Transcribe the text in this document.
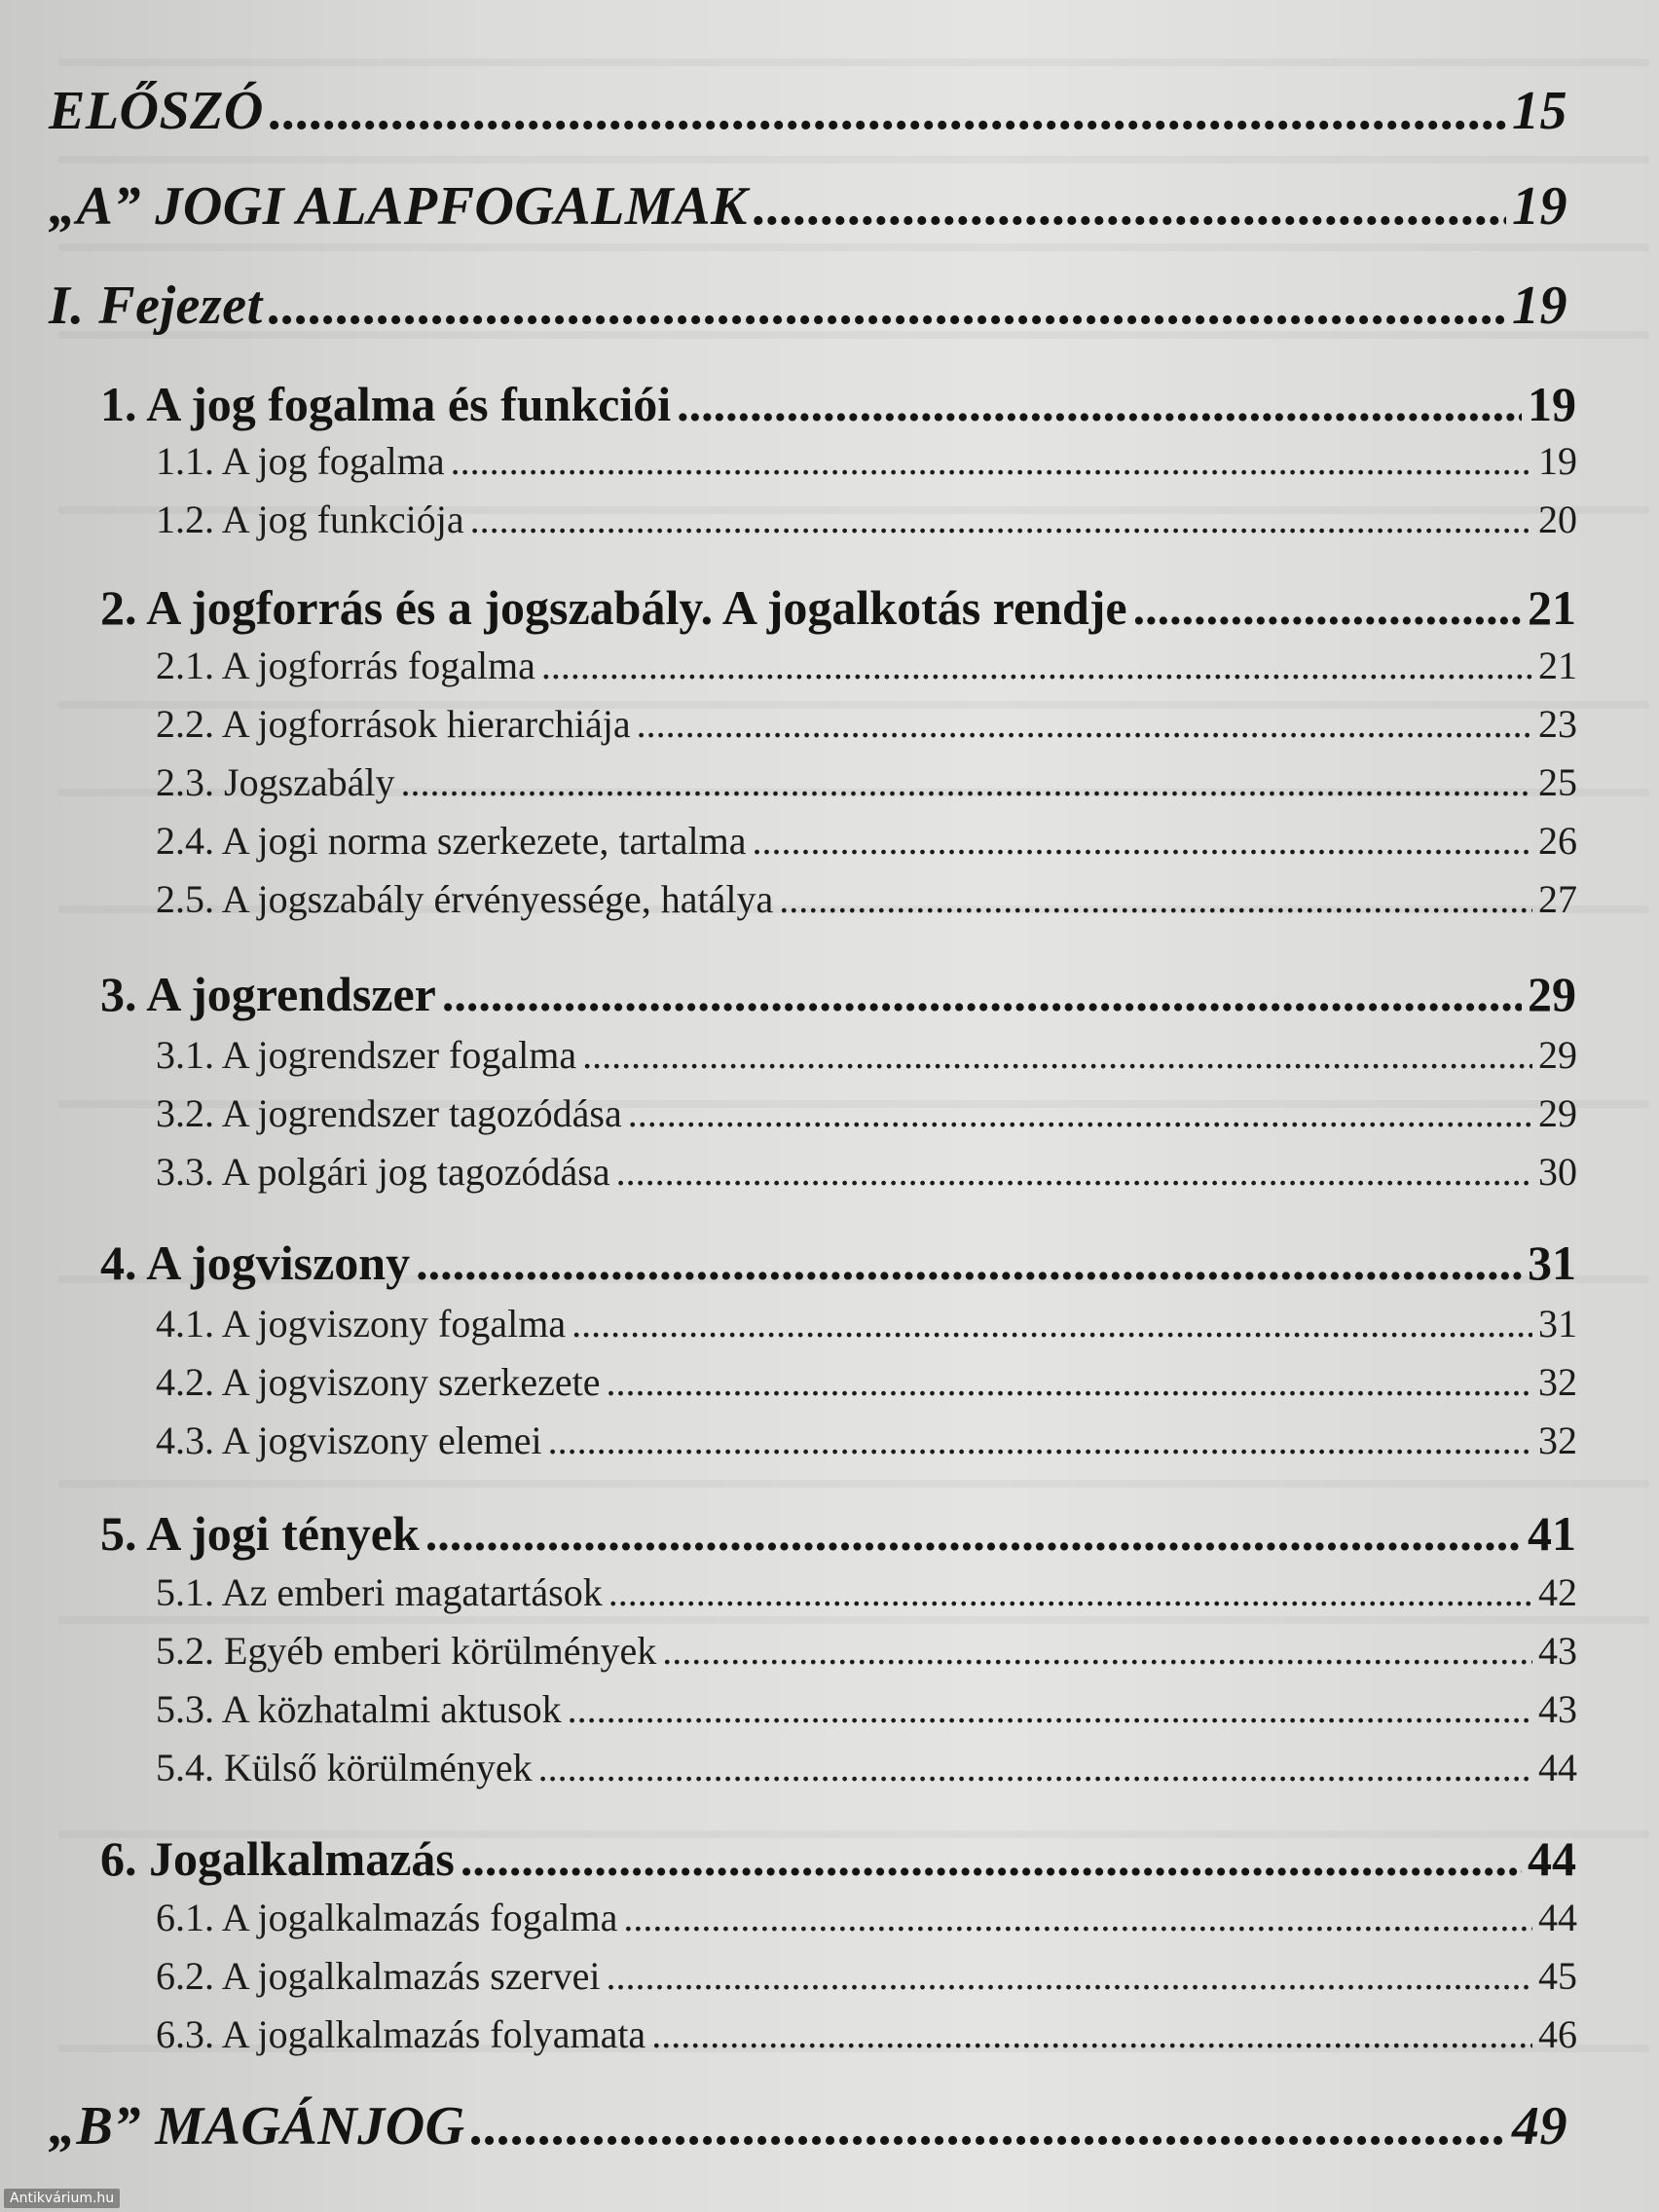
ELŐSZÓ .....	15
„A” JOGI ALAPFOGALMAK .....	19
I. Fejezet .....	19
1. A jog fogalma és funkciói .....	19
1.1. A jog fogalma .....	19
1.2. A jog funkciója .....	20
2. A jogforrás és a jogszabály. A jogalkotás rendje .....	21
2.1. A jogforrás fogalma .....	21
2.2. A jogforrások hierarchiája .....	23
2.3. Jogszabály .....	25
2.4. A jogi norma szerkezete, tartalma .....	26
2.5. A jogszabály érvényessége, hatálya .....	27
3. A jogrendszer .....	29
3.1. A jogrendszer fogalma .....	29
3.2. A jogrendszer tagozódása .....	29
3.3. A polgári jog tagozódása .....	30
4. A jogviszony .....	31
4.1. A jogviszony fogalma .....	31
4.2. A jogviszony szerkezete .....	32
4.3. A jogviszony elemei .....	32
5. A jogi tények .....	41
5.1. Az emberi magatartások .....	42
5.2. Egyéb emberi körülmények .....	43
5.3. A közhatalmi aktusok .....	43
5.4. Külső körülmények .....	44
6. Jogalkalmazás .....	44
6.1. A jogalkalmazás fogalma .....	44
6.2. A jogalkalmazás szervei .....	45
6.3. A jogalkalmazás folyamata .....	46
„B” MAGÁNJOG .....	49
Antikvárium.hu
